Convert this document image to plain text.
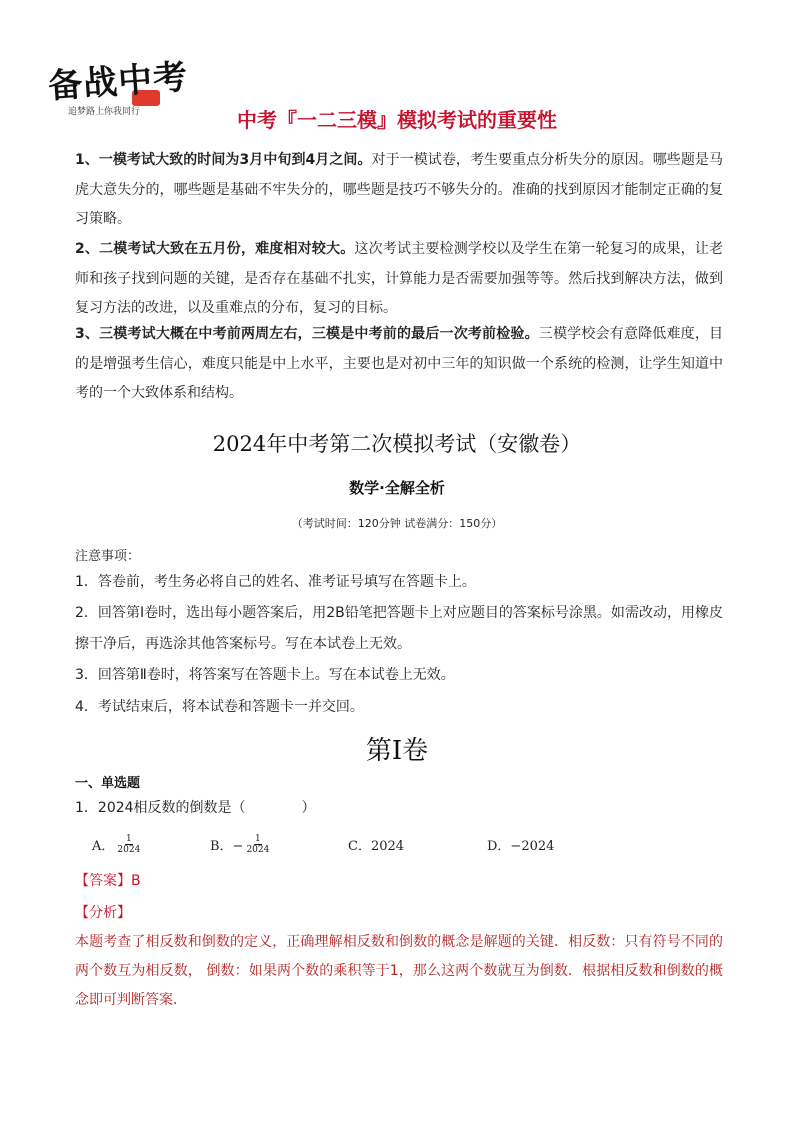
备战中考
追梦路上你我同行	中考『一二三模』模拟考试的重要性

1、一模考试大致的时间为3月中旬到4月之间。对于一模试卷，考生要重点分析失分的原因。哪些题是马虎大意失分的，哪些题是基础不牢失分的，哪些题是技巧不够失分的。准确的找到原因才能制定正确的复习策略。

2、二模考试大致在五月份，难度相对较大。这次考试主要检测学校以及学生在第一轮复习的成果，让老师和孩子找到问题的关键，是否存在基础不扎实，计算能力是否需要加强等等。然后找到解决方法，做到复习方法的改进，以及重难点的分布，复习的目标。

3、三模考试大概在中考前两周左右，三模是中考前的最后一次考前检验。三模学校会有意降低难度，目的是增强考生信心，难度只能是中上水平，主要也是对初中三年的知识做一个系统的检测，让学生知道中考的一个大致体系和结构。

2024年中考第二次模拟考试（安徽卷）
数学·全解全析
（考试时间：120分钟 试卷满分：150分）
注意事项：

1．答卷前，考生务必将自己的姓名、准考证号填写在答题卡上。

2．回答第Ⅰ卷时，选出每小题答案后，用2B铅笔把答题卡上对应题目的答案标号涂黑。如需改动，用橡皮擦干净后，再选涂其他答案标号。写在本试卷上无效。

3．回答第Ⅱ卷时，将答案写在答题卡上。写在本试卷上无效。

4．考试结束后，将本试卷和答题卡一并交回。

第Ⅰ卷
一、单选题
1．2024相反数的倒数是（　　　　）
A． $\frac{1}{2024}$	B．− $\frac{1}{2024}$	C．2024	D．−2024
【答案】B
【分析】

本题考查了相反数和倒数的定义，正确理解相反数和倒数的概念是解题的关键．相反数：只有符号不同的两个数互为相反数， 倒数：如果两个数的乘积等于1，那么这两个数就互为倒数．根据相反数和倒数的概念即可判断答案．
